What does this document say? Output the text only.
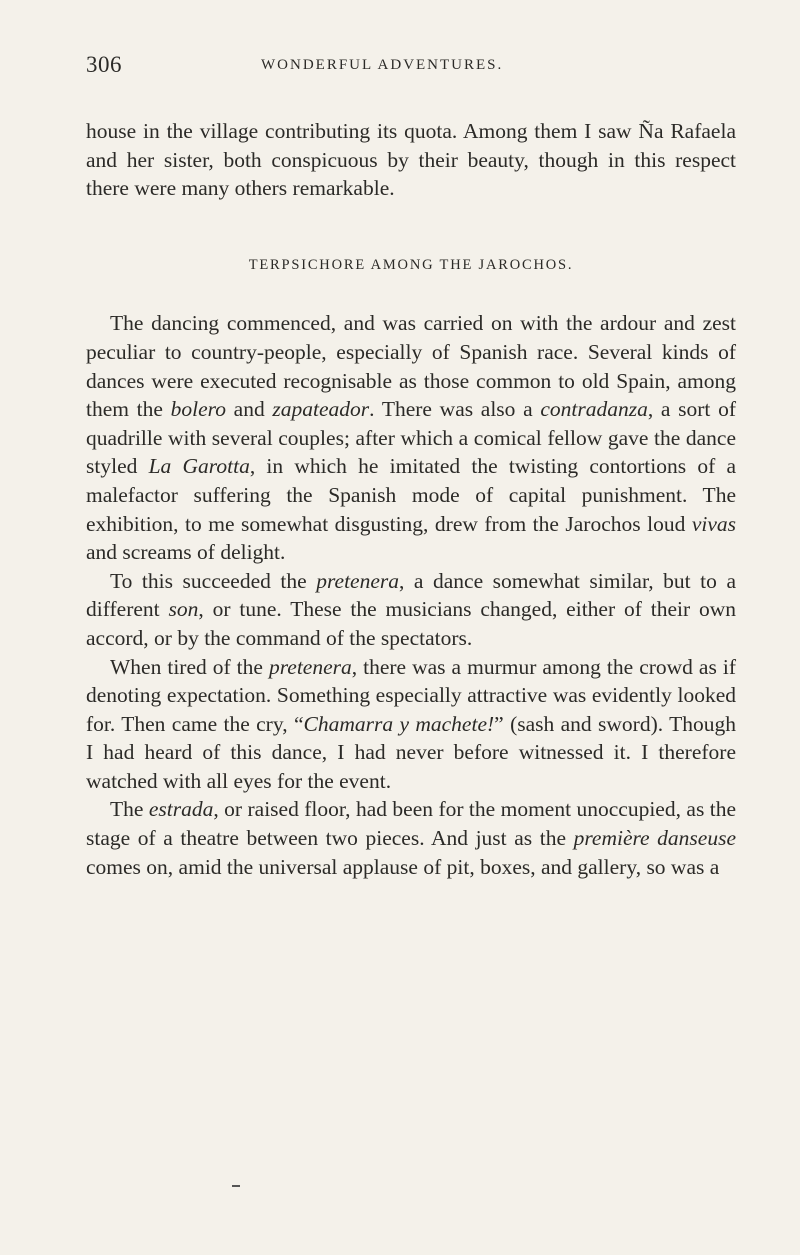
306	WONDERFUL ADVENTURES.

house in the village contributing its quota. Among them I saw Ña Rafaela and her sister, both conspicuous by their beauty, though in this respect there were many others remarkable.

TERPSICHORE AMONG THE JAROCHOS.

The dancing commenced, and was carried on with the ardour and zest peculiar to country-people, especially of Spanish race. Several kinds of dances were executed recognisable as those common to old Spain, among them the bolero and zapateador. There was also a contradanza, a sort of quadrille with several couples; after which a comical fellow gave the dance styled La Garotta, in which he imitated the twisting contortions of a malefactor suffering the Spanish mode of capital punishment. The exhibition, to me somewhat disgusting, drew from the Jarochos loud vivas and screams of delight.

To this succeeded the pretenera, a dance somewhat similar, but to a different son, or tune. These the musicians changed, either of their own accord, or by the command of the spectators.

When tired of the pretenera, there was a murmur among the crowd as if denoting expectation. Something especially attractive was evidently looked for. Then came the cry, “Chamarra y machete!” (sash and sword). Though I had heard of this dance, I had never before witnessed it. I therefore watched with all eyes for the event.

The estrada, or raised floor, had been for the moment unoccupied, as the stage of a theatre between two pieces. And just as the première danseuse comes on, amid the universal applause of pit, boxes, and gallery, so was a
